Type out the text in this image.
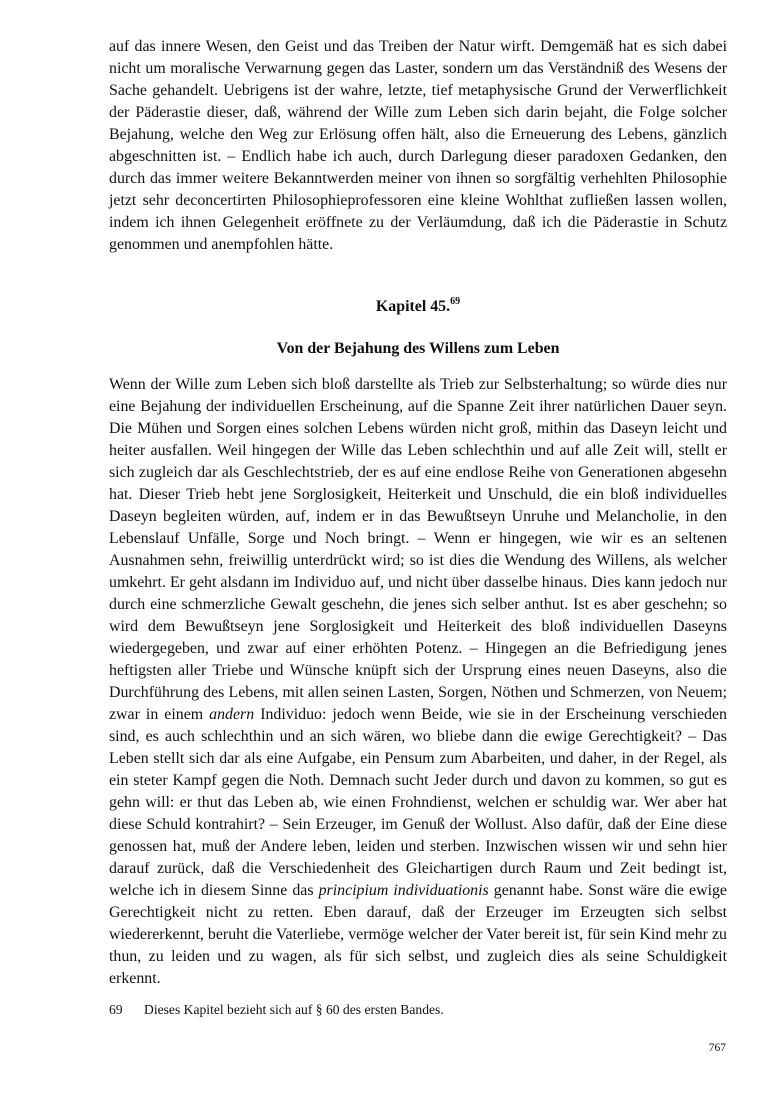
auf das innere Wesen, den Geist und das Treiben der Natur wirft. Demgemäß hat es sich dabei nicht um moralische Verwarnung gegen das Laster, sondern um das Verständniß des Wesens der Sache gehandelt. Uebrigens ist der wahre, letzte, tief metaphysische Grund der Verwerflichkeit der Päderastie dieser, daß, während der Wille zum Leben sich darin bejaht, die Folge solcher Bejahung, welche den Weg zur Erlösung offen hält, also die Erneuerung des Lebens, gänzlich abgeschnitten ist. – Endlich habe ich auch, durch Darlegung dieser paradoxen Gedanken, den durch das immer weitere Bekanntwerden meiner von ihnen so sorgfältig verhehlten Philosophie jetzt sehr deconcertirten Philosophieprofessoren eine kleine Wohlthat zufließen lassen wollen, indem ich ihnen Gelegenheit eröffnete zu der Verläumdung, daß ich die Päderastie in Schutz genommen und anempfohlen hätte.

Kapitel 45.69
Von der Bejahung des Willens zum Leben

Wenn der Wille zum Leben sich bloß darstellte als Trieb zur Selbsterhaltung; so würde dies nur eine Bejahung der individuellen Erscheinung, auf die Spanne Zeit ihrer natürlichen Dauer seyn. Die Mühen und Sorgen eines solchen Lebens würden nicht groß, mithin das Daseyn leicht und heiter ausfallen. Weil hingegen der Wille das Leben schlechthin und auf alle Zeit will, stellt er sich zugleich dar als Geschlechtstrieb, der es auf eine endlose Reihe von Generationen abgesehn hat. Dieser Trieb hebt jene Sorglosigkeit, Heiterkeit und Unschuld, die ein bloß individuelles Daseyn begleiten würden, auf, indem er in das Bewußtseyn Unruhe und Melancholie, in den Lebenslauf Unfälle, Sorge und Noch bringt. – Wenn er hingegen, wie wir es an seltenen Ausnahmen sehn, freiwillig unterdrückt wird; so ist dies die Wendung des Willens, als welcher umkehrt. Er geht alsdann im Individuo auf, und nicht über dasselbe hinaus. Dies kann jedoch nur durch eine schmerzliche Gewalt geschehn, die jenes sich selber anthut. Ist es aber geschehn; so wird dem Bewußtseyn jene Sorglosigkeit und Heiterkeit des bloß individuellen Daseyns wiedergegeben, und zwar auf einer erhöhten Potenz. – Hingegen an die Befriedigung jenes heftigsten aller Triebe und Wünsche knüpft sich der Ursprung eines neuen Daseyns, also die Durchführung des Lebens, mit allen seinen Lasten, Sorgen, Nöthen und Schmerzen, von Neuem; zwar in einem andern Individuo: jedoch wenn Beide, wie sie in der Erscheinung verschieden sind, es auch schlechthin und an sich wären, wo bliebe dann die ewige Gerechtigkeit? – Das Leben stellt sich dar als eine Aufgabe, ein Pensum zum Abarbeiten, und daher, in der Regel, als ein steter Kampf gegen die Noth. Demnach sucht Jeder durch und davon zu kommen, so gut es gehn will: er thut das Leben ab, wie einen Frohndienst, welchen er schuldig war. Wer aber hat diese Schuld kontrahirt? – Sein Erzeuger, im Genuß der Wollust. Also dafür, daß der Eine diese genossen hat, muß der Andere leben, leiden und sterben. Inzwischen wissen wir und sehn hier darauf zurück, daß die Verschiedenheit des Gleichartigen durch Raum und Zeit bedingt ist, welche ich in diesem Sinne das principium individuationis genannt habe. Sonst wäre die ewige Gerechtigkeit nicht zu retten. Eben darauf, daß der Erzeuger im Erzeugten sich selbst wiedererkennt, beruht die Vaterliebe, vermöge welcher der Vater bereit ist, für sein Kind mehr zu thun, zu leiden und zu wagen, als für sich selbst, und zugleich dies als seine Schuldigkeit erkennt.

69 Dieses Kapitel bezieht sich auf § 60 des ersten Bandes.
767
